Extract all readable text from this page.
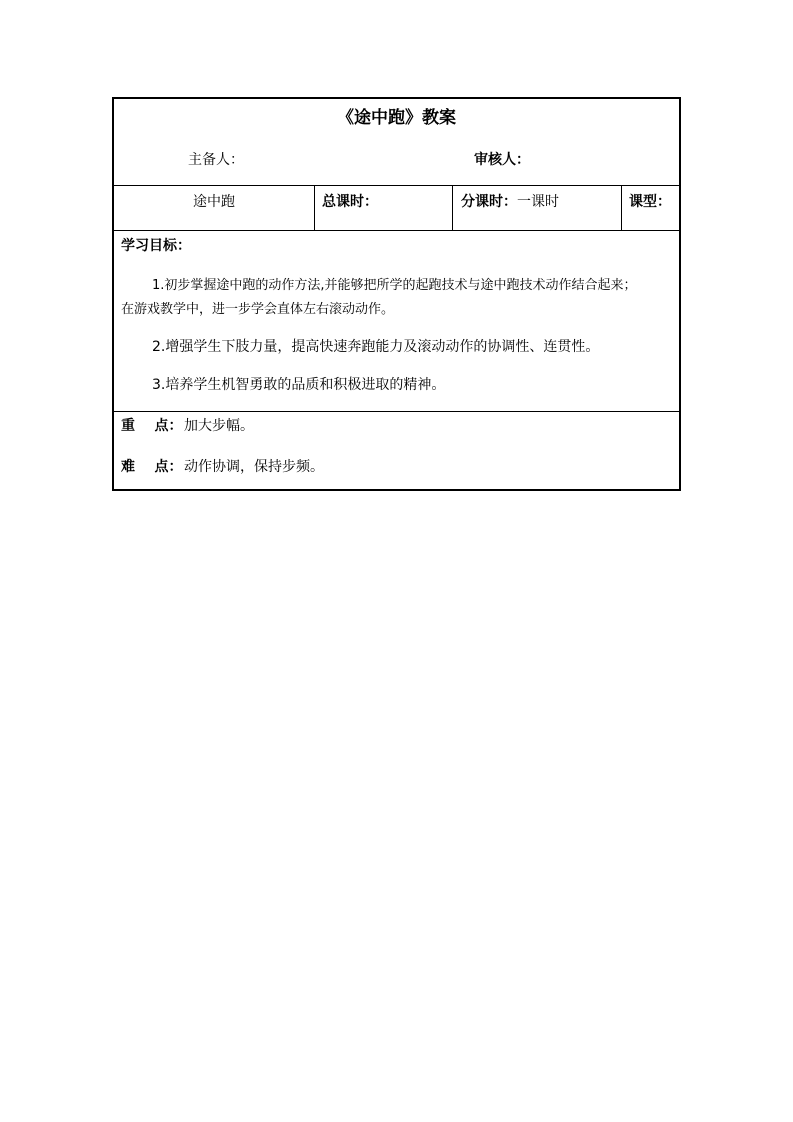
《途中跑》教案
主备人：	审核人：
途中跑	总课时：	分课时：一课时	课型：
学习目标：
1.初步掌握途中跑的动作方法,并能够把所学的起跑技术与途中跑技术动作结合起来；
在游戏教学中，进一步学会直体左右滚动动作。
2.增强学生下肢力量，提高快速奔跑能力及滚动动作的协调性、连贯性。
3.培养学生机智勇敢的品质和积极进取的精神。
重    点： 加大步幅。
难    点： 动作协调，保持步频。
